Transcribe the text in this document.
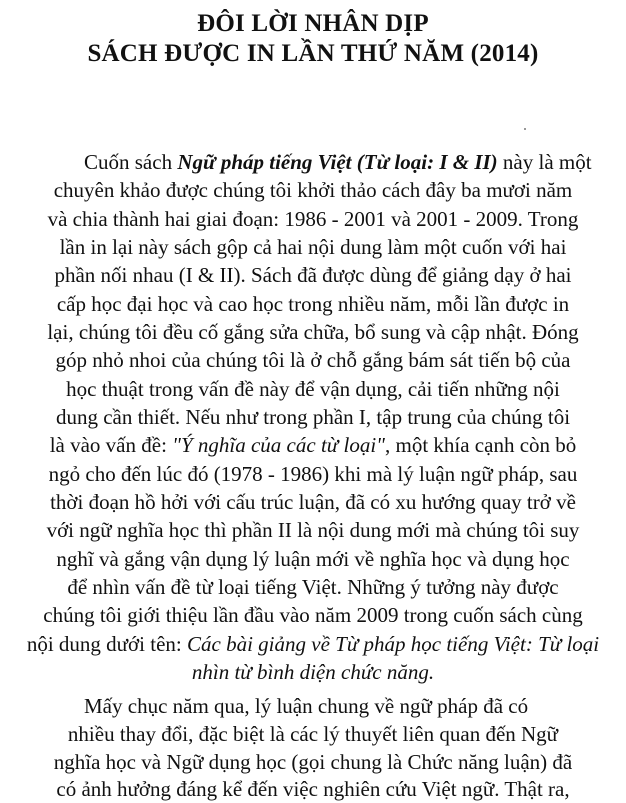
ĐÔI LỜI NHÂN DỊP
SÁCH ĐƯỢC IN LẦN THỨ NĂM (2014)
Cuốn sách Ngữ pháp tiếng Việt (Từ loại: I & II) này là một
chuyên khảo được chúng tôi khởi thảo cách đây ba mươi năm
và chia thành hai giai đoạn: 1986 - 2001 và 2001 - 2009. Trong
lần in lại này sách gộp cả hai nội dung làm một cuốn với hai
phần nối nhau (I & II). Sách đã được dùng để giảng dạy ở hai
cấp học đại học và cao học trong nhiều năm, mỗi lần được in
lại, chúng tôi đều cố gắng sửa chữa, bổ sung và cập nhật. Đóng
góp nhỏ nhoi của chúng tôi là ở chỗ gắng bám sát tiến bộ của
học thuật trong vấn đề này để vận dụng, cải tiến những nội
dung cần thiết. Nếu như trong phần I, tập trung của chúng tôi
là vào vấn đề: "Ý nghĩa của các từ loại", một khía cạnh còn bỏ
ngỏ cho đến lúc đó (1978 - 1986) khi mà lý luận ngữ pháp, sau
thời đoạn hồ hởi với cấu trúc luận, đã có xu hướng quay trở về
với ngữ nghĩa học thì phần II là nội dung mới mà chúng tôi suy
nghĩ và gắng vận dụng lý luận mới về nghĩa học và dụng học
để nhìn vấn đề từ loại tiếng Việt. Những ý tưởng này được
chúng tôi giới thiệu lần đầu vào năm 2009 trong cuốn sách cùng
nội dung dưới tên: Các bài giảng về Từ pháp học tiếng Việt: Từ loại
nhìn từ bình diện chức năng.
Mấy chục năm qua, lý luận chung về ngữ pháp đã có
nhiều thay đổi, đặc biệt là các lý thuyết liên quan đến Ngữ
nghĩa học và Ngữ dụng học (gọi chung là Chức năng luận) đã
có ảnh hưởng đáng kể đến việc nghiên cứu Việt ngữ. Thật ra,
